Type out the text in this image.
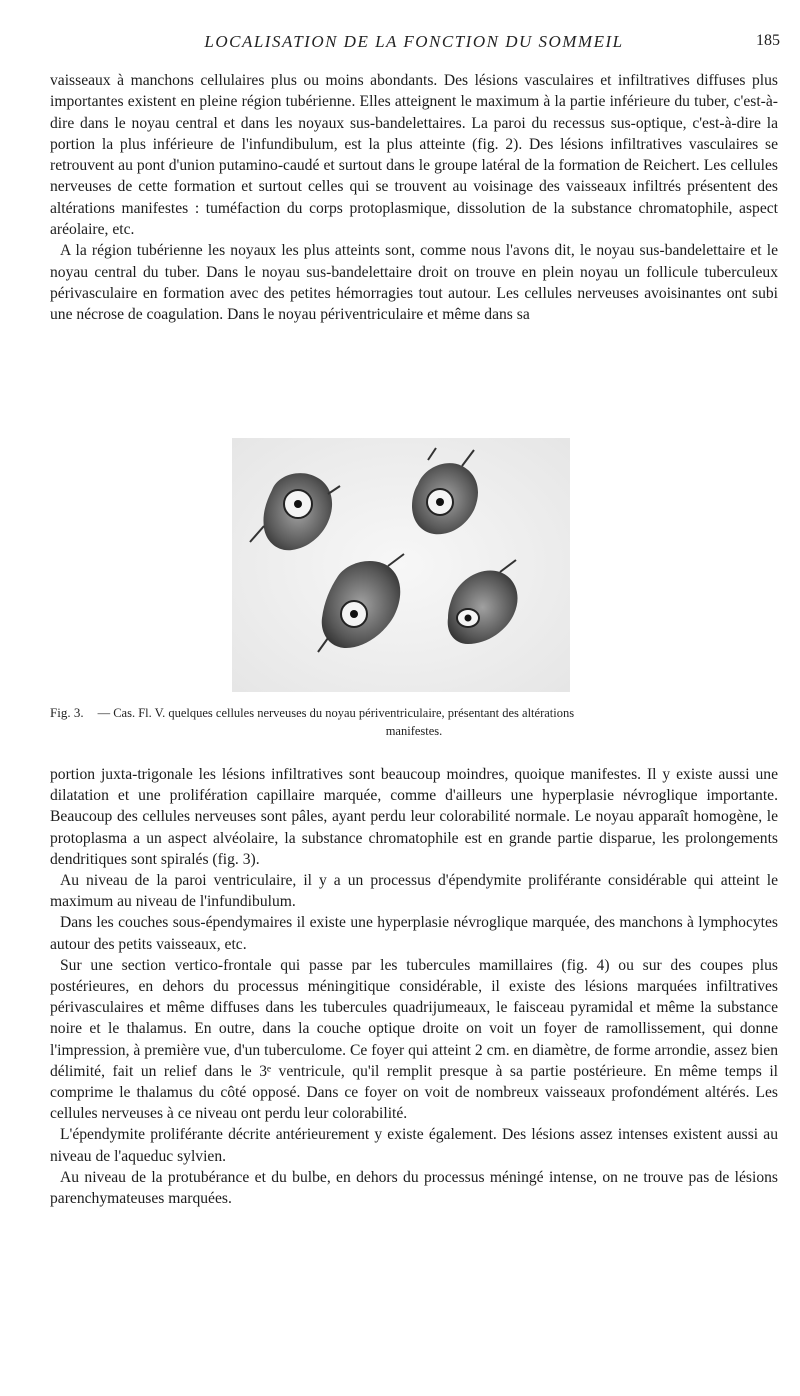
LOCALISATION DE LA FONCTION DU SOMMEIL	185

vaisseaux à manchons cellulaires plus ou moins abondants. Des lésions vasculaires et infiltratives diffuses plus importantes existent en pleine région tubérienne. Elles atteignent le maximum à la partie inférieure du tuber, c'est-à-dire dans le noyau central et dans les noyaux sus-bandelettaires. La paroi du recessus sus-optique, c'est-à-dire la portion la plus inférieure de l'infundibulum, est la plus atteinte (fig. 2). Des lésions infiltratives vasculaires se retrouvent au pont d'union putamino-caudé et surtout dans le groupe latéral de la formation de Reichert. Les cellules nerveuses de cette formation et surtout celles qui se trouvent au voisinage des vaisseaux infiltrés présentent des altérations manifestes : tuméfaction du corps protoplasmique, dissolution de la substance chromatophile, aspect aréolaire, etc.

A la région tubérienne les noyaux les plus atteints sont, comme nous l'avons dit, le noyau sus-bandelettaire et le noyau central du tuber. Dans le noyau sus-bandelettaire droit on trouve en plein noyau un follicule tuberculeux périvasculaire en formation avec des petites hémorragies tout autour. Les cellules nerveuses avoisinantes ont subi une nécrose de coagulation. Dans le noyau périventriculaire et même dans sa

Fig. 3. — Cas. Fl. V. quelques cellules nerveuses du noyau périventriculaire, présentant des altérations
manifestes.

portion juxta-trigonale les lésions infiltratives sont beaucoup moindres, quoique manifestes. Il y existe aussi une dilatation et une prolifération capillaire marquée, comme d'ailleurs une hyperplasie névroglique importante. Beaucoup des cellules nerveuses sont pâles, ayant perdu leur colorabilité normale. Le noyau apparaît homogène, le protoplasma a un aspect alvéolaire, la substance chromatophile est en grande partie disparue, les prolongements dendritiques sont spiralés (fig. 3).

Au niveau de la paroi ventriculaire, il y a un processus d'épendymite proliférante considérable qui atteint le maximum au niveau de l'infundibulum.

Dans les couches sous-épendymaires il existe une hyperplasie névroglique marquée, des manchons à lymphocytes autour des petits vaisseaux, etc.

Sur une section vertico-frontale qui passe par les tubercules mamillaires (fig. 4) ou sur des coupes plus postérieures, en dehors du processus méningitique considérable, il existe des lésions marquées infiltratives périvasculaires et même diffuses dans les tubercules quadrijumeaux, le faisceau pyramidal et même la substance noire et le thalamus. En outre, dans la couche optique droite on voit un foyer de ramollissement, qui donne l'impression, à première vue, d'un tuberculome. Ce foyer qui atteint 2 cm. en diamètre, de forme arrondie, assez bien délimité, fait un relief dans le 3ᵉ ventricule, qu'il remplit presque à sa partie postérieure. En même temps il comprime le thalamus du côté opposé. Dans ce foyer on voit de nombreux vaisseaux profondément altérés. Les cellules nerveuses à ce niveau ont perdu leur colorabilité.

L'épendymite proliférante décrite antérieurement y existe également. Des lésions assez intenses existent aussi au niveau de l'aqueduc sylvien.

Au niveau de la protubérance et du bulbe, en dehors du processus méningé intense, on ne trouve pas de lésions parenchymateuses marquées.
